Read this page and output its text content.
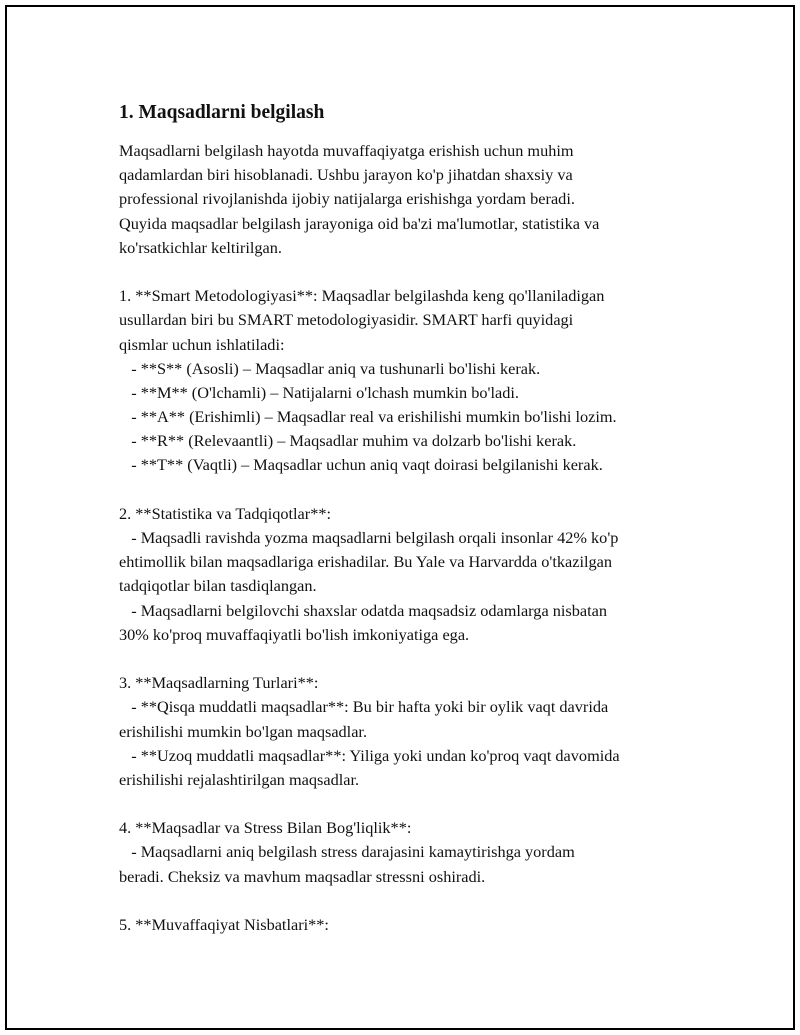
1. Maqsadlarni belgilash
Maqsadlarni belgilash hayotda muvaffaqiyatga erishish uchun muhim
qadamlardan biri hisoblanadi. Ushbu jarayon ko'p jihatdan shaxsiy va
professional rivojlanishda ijobiy natijalarga erishishga yordam beradi.
Quyida maqsadlar belgilash jarayoniga oid ba'zi ma'lumotlar, statistika va
ko'rsatkichlar keltirilgan.
1. **Smart Metodologiyasi**: Maqsadlar belgilashda keng qo'llaniladigan
usullardan biri bu SMART metodologiyasidir. SMART harfi quyidagi
qismlar uchun ishlatiladi:
- **S** (Asosli) – Maqsadlar aniq va tushunarli bo'lishi kerak.
- **M** (O'lchamli) – Natijalarni o'lchash mumkin bo'ladi.
- **A** (Erishimli) – Maqsadlar real va erishilishi mumkin bo'lishi lozim.
- **R** (Relevaantli) – Maqsadlar muhim va dolzarb bo'lishi kerak.
- **T** (Vaqtli) – Maqsadlar uchun aniq vaqt doirasi belgilanishi kerak.
2. **Statistika va Tadqiqotlar**:
- Maqsadli ravishda yozma maqsadlarni belgilash orqali insonlar 42% ko'p
ehtimollik bilan maqsadlariga erishadilar. Bu Yale va Harvardda o'tkazilgan
tadqiqotlar bilan tasdiqlangan.
- Maqsadlarni belgilovchi shaxslar odatda maqsadsiz odamlarga nisbatan
30% ko'proq muvaffaqiyatli bo'lish imkoniyatiga ega.
3. **Maqsadlarning Turlari**:
- **Qisqa muddatli maqsadlar**: Bu bir hafta yoki bir oylik vaqt davrida
erishilishi mumkin bo'lgan maqsadlar.
- **Uzoq muddatli maqsadlar**: Yiliga yoki undan ko'proq vaqt davomida
erishilishi rejalashtirilgan maqsadlar.
4. **Maqsadlar va Stress Bilan Bog'liqlik**:
- Maqsadlarni aniq belgilash stress darajasini kamaytirishga yordam
beradi. Cheksiz va mavhum maqsadlar stressni oshiradi.
5. **Muvaffaqiyat Nisbatlari**:
